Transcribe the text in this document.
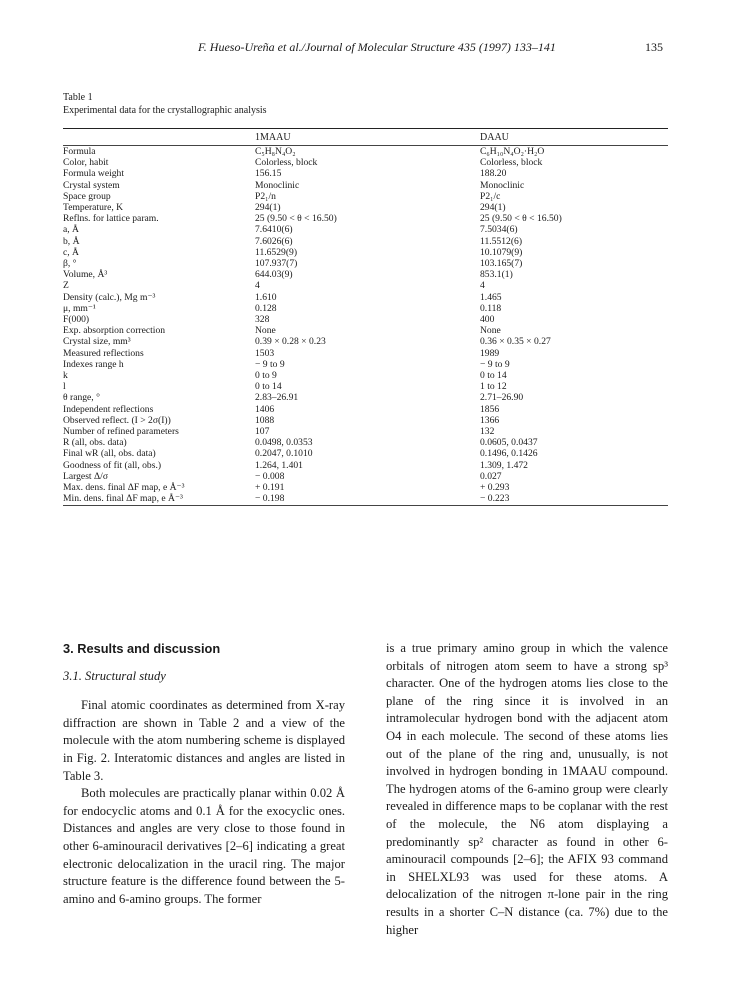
F. Hueso-Ureña et al./Journal of Molecular Structure 435 (1997) 133–141	135
Table 1
Experimental data for the crystallographic analysis
	1MAAU	DAAU
Formula	C₅H₈N₄O₂	C₆H₁₀N₄O₂·H₂O
Color, habit	Colorless, block	Colorless, block
Formula weight	156.15	188.20
Crystal system	Monoclinic	Monoclinic
Space group	P2₁/n	P2₁/c
Temperature, K	294(1)	294(1)
Reflns. for lattice param.	25 (9.50 < θ < 16.50)	25 (9.50 < θ < 16.50)
a, Å	7.6410(6)	7.5034(6)
b, Å	7.6026(6)	11.5512(6)
c, Å	11.6529(9)	10.1079(9)
β, °	107.937(7)	103.165(7)
Volume, Å³	644.03(9)	853.1(1)
Z	4	4
Density (calc.), Mg m⁻³	1.610	1.465
μ, mm⁻¹	0.128	0.118
F(000)	328	400
Exp. absorption correction	None	None
Crystal size, mm³	0.39 × 0.28 × 0.23	0.36 × 0.35 × 0.27
Measured reflections	1503	1989
Indexes range h	− 9 to 9	− 9 to 9
k	0 to 9	0 to 14
l	0 to 14	1 to 12
θ range, °	2.83–26.91	2.71–26.90
Independent reflections	1406	1856
Observed reflect. (I > 2σ(I))	1088	1366
Number of refined parameters	107	132
R (all, obs. data)	0.0498, 0.0353	0.0605, 0.0437
Final wR (all, obs. data)	0.2047, 0.1010	0.1496, 0.1426
Goodness of fit (all, obs.)	1.264, 1.401	1.309, 1.472
Largest Δ/σ	− 0.008	0.027
Max. dens. final ΔF map, e Å⁻³	+ 0.191	+ 0.293
Min. dens. final ΔF map, e Å⁻³	− 0.198	− 0.223
3. Results and discussion
3.1. Structural study

Final atomic coordinates as determined from X-ray diffraction are shown in Table 2 and a view of the molecule with the atom numbering scheme is displayed in Fig. 2. Interatomic distances and angles are listed in Table 3.

Both molecules are practically planar within 0.02 Å for endocyclic atoms and 0.1 Å for the exocyclic ones. Distances and angles are very close to those found in other 6-aminouracil derivatives [2–6] indicating a great electronic delocalization in the uracil ring. The major structure feature is the difference found between the 5-amino and 6-amino groups. The former

is a true primary amino group in which the valence orbitals of nitrogen atom seem to have a strong sp³ character. One of the hydrogen atoms lies close to the plane of the ring since it is involved in an intramolecular hydrogen bond with the adjacent atom O4 in each molecule. The second of these atoms lies out of the plane of the ring and, unusually, is not involved in hydrogen bonding in 1MAAU compound. The hydrogen atoms of the 6-amino group were clearly revealed in difference maps to be coplanar with the rest of the molecule, the N6 atom displaying a predominantly sp² character as found in other 6-aminouracil compounds [2–6]; the AFIX 93 command in SHELXL93 was used for these atoms. A delocalization of the nitrogen π-lone pair in the ring results in a shorter C–N distance (ca. 7%) due to the higher
